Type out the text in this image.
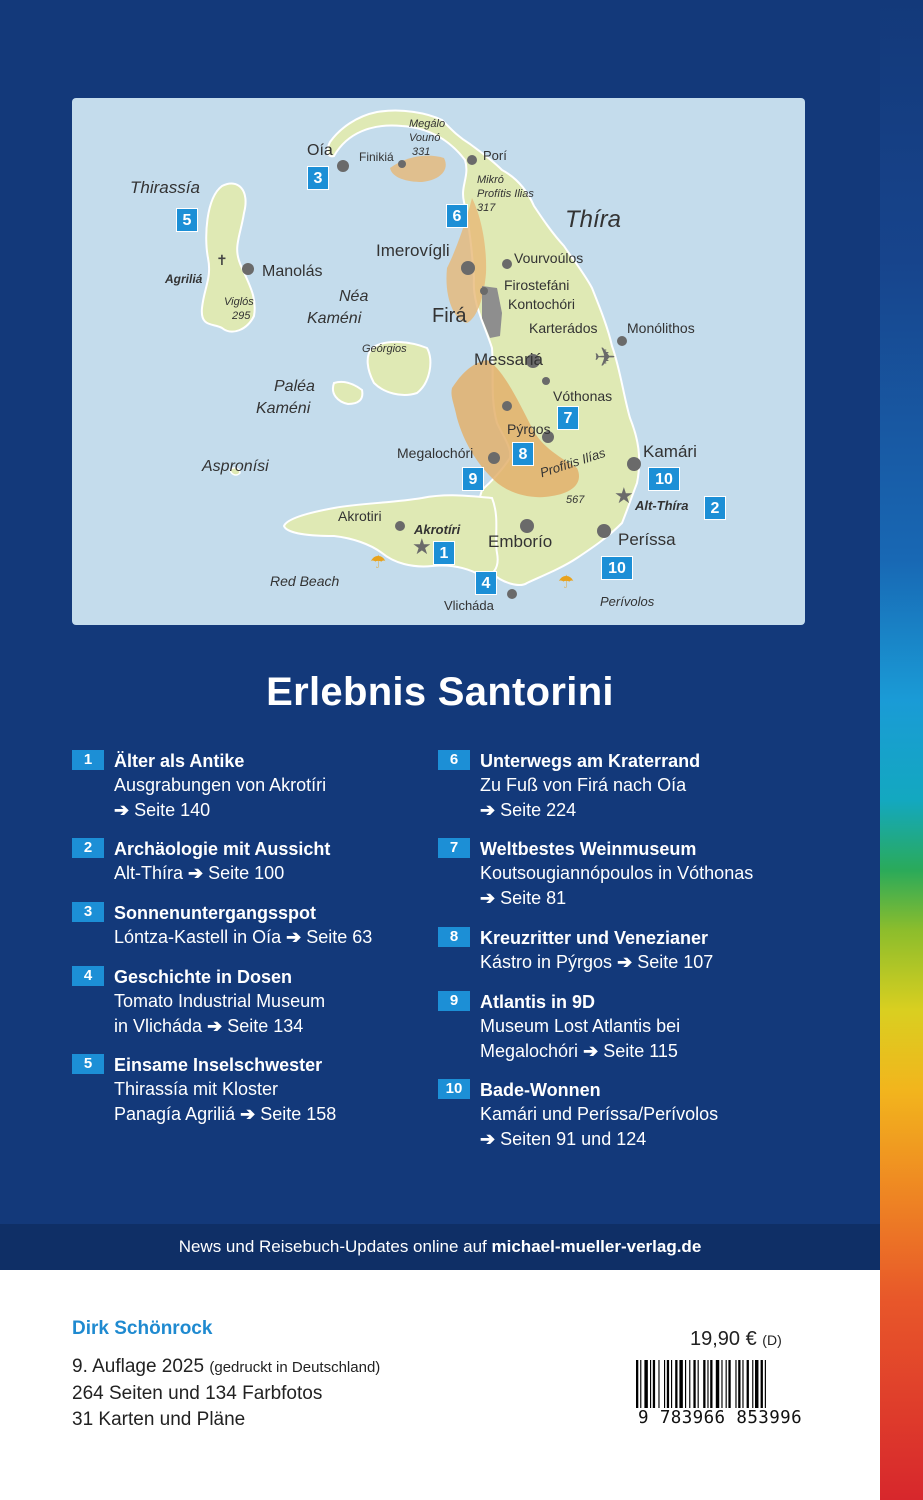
★
★
✈
✝
☂
☂
Thíra
Thirassía
Agriliá	Manolás
Viglós
295
Néa
Kaméni
Geórgios
Paléa
Kaméni
Aspronísi
Oía Finikiá
Megálo
Vounó
331	Porí
Mikró
Profítis Ilias
317
Imerovígli	Vourvoúlos
Firostefáni
Kontochóri
Firá
Monólithos
Karterádos
Messariá
Vóthonas
Pýrgos
Megalochóri	Profítis Ilías
567
Kamári
Alt-Thíra
Akrotiri
Akrotíri
Emborío	Períssa
Red Beach
Vlicháda	Perívolos
1
2
3
4
5	6
7
8
9	10
10
Erlebnis Santorini
1	Älter als Antike
Ausgrabungen von Akrotíri
➔ Seite 140
2	Archäologie mit Aussicht
Alt-Thíra ➔ Seite 100
3	Sonnenuntergangsspot
Lóntza-Kastell in Oía ➔ Seite 63
4	Geschichte in Dosen
Tomato Industrial Museum
in Vlicháda ➔ Seite 134
5	Einsame Inselschwester
Thirassía mit Kloster
Panagía Agriliá ➔ Seite 158
6	Unterwegs am Kraterrand
Zu Fuß von Firá nach Oía
➔ Seite 224
7	Weltbestes Weinmuseum
Koutsougiannópoulos in Vóthonas
➔ Seite 81
8	Kreuzritter und Venezianer
Kástro in Pýrgos ➔ Seite 107
9	Atlantis in 9D
Museum Lost Atlantis bei
Megalochóri ➔ Seite 115
10 Bade-Wonnen
Kamári und Períssa/Perívolos
➔ Seiten 91 und 124
News und Reisebuch-Updates online auf michael-mueller-verlag.de
Dirk Schönrock
9. Auflage 2025 (gedruckt in Deutschland)
264 Seiten und 134 Farbfotos
31 Karten und Pläne
19,90 € (D)
9 783966 853996
